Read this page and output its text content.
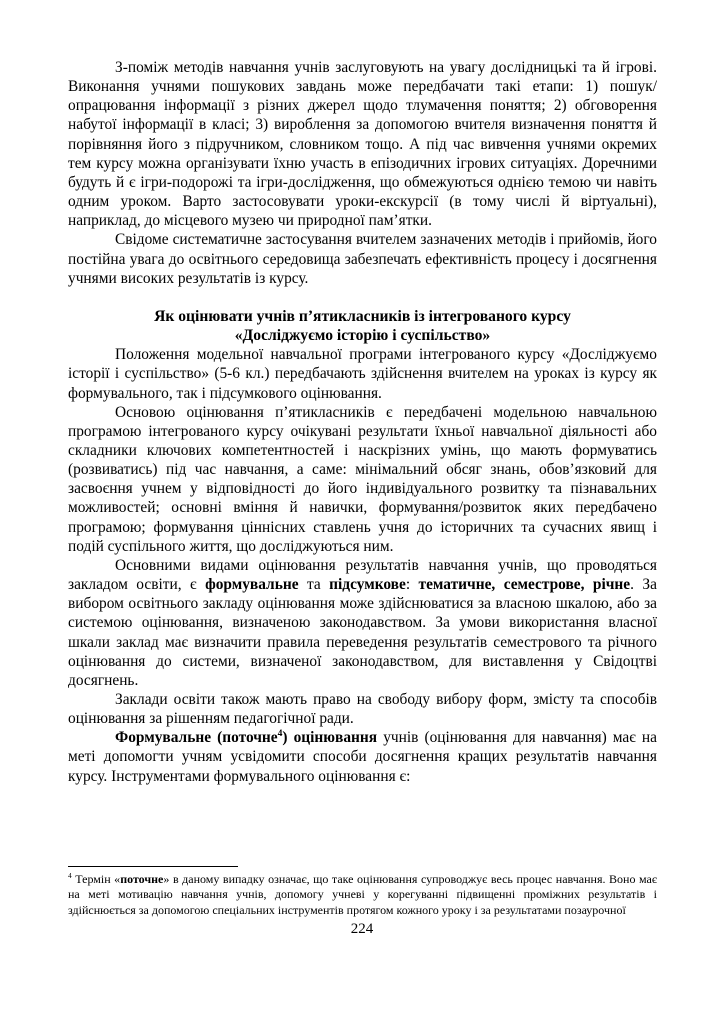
З-поміж методів навчання учнів заслуговують на увагу дослідницькі та й ігрові. Виконання учнями пошукових завдань може передбачати такі етапи: 1) пошук/опрацювання інформації з різних джерел щодо тлумачення поняття; 2) обговорення набутої інформації в класі; 3) вироблення за допомогою вчителя визначення поняття й порівняння його з підручником, словником тощо. А під час вивчення учнями окремих тем курсу можна організувати їхню участь в епізодичних ігрових ситуаціях. Доречними будуть й є ігри-подорожі та ігри-дослідження, що обмежуються однією темою чи навіть одним уроком. Варто застосовувати уроки-екскурсії (в тому числі й віртуальні), наприклад, до місцевого музею чи природної пам’ятки.

Свідоме систематичне застосування вчителем зазначених методів і прийомів, його постійна увага до освітнього середовища забезпечать ефективність процесу і досягнення учнями високих результатів із курсу.

Як оцінювати учнів п’ятикласників із інтегрованого курсу
«Досліджуємо історію і суспільство»

Положення модельної навчальної програми інтегрованого курсу «Досліджуємо історії і суспільство» (5-6 кл.) передбачають здійснення вчителем на уроках із курсу як формувального, так і підсумкового оцінювання.

Основою оцінювання п’ятикласників є передбачені модельною навчальною програмою інтегрованого курсу очікувані результати їхньої навчальної діяльності або складники ключових компетентностей і наскрізних умінь, що мають формуватись (розвиватись) під час навчання, а саме: мінімальний обсяг знань, обов’язковий для засвоєння учнем у відповідності до його індивідуального розвитку та пізнавальних можливостей; основні вміння й навички, формування/розвиток яких передбачено програмою; формування ціннісних ставлень учня до історичних та сучасних явищ і подій суспільного життя, що досліджуються ним.

Основними видами оцінювання результатів навчання учнів, що проводяться закладом освіти, є формувальне та підсумкове: тематичне, семестрове, річне. За вибором освітнього закладу оцінювання може здійснюватися за власною шкалою, або за системою оцінювання, визначеною законодавством. За умови використання власної шкали заклад має визначити правила переведення результатів семестрового та річного оцінювання до системи, визначеної законодавством, для виставлення у Свідоцтві досягнень.

Заклади освіти також мають право на свободу вибору форм, змісту та способів оцінювання за рішенням педагогічної ради.

Формувальне (поточне$^4$) оцінювання учнів (оцінювання для навчання) має на меті допомогти учням усвідомити способи досягнення кращих результатів навчання курсу. Інструментами формувального оцінювання є:

$^4$ Термін «поточне» в даному випадку означає, що таке оцінювання супроводжує весь процес навчання. Воно має на меті мотивацію навчання учнів, допомогу учневі у корегуванні підвищенні проміжних результатів і здійснюється за допомогою спеціальних інструментів протягом кожного уроку і за результатами позаурочної

224
